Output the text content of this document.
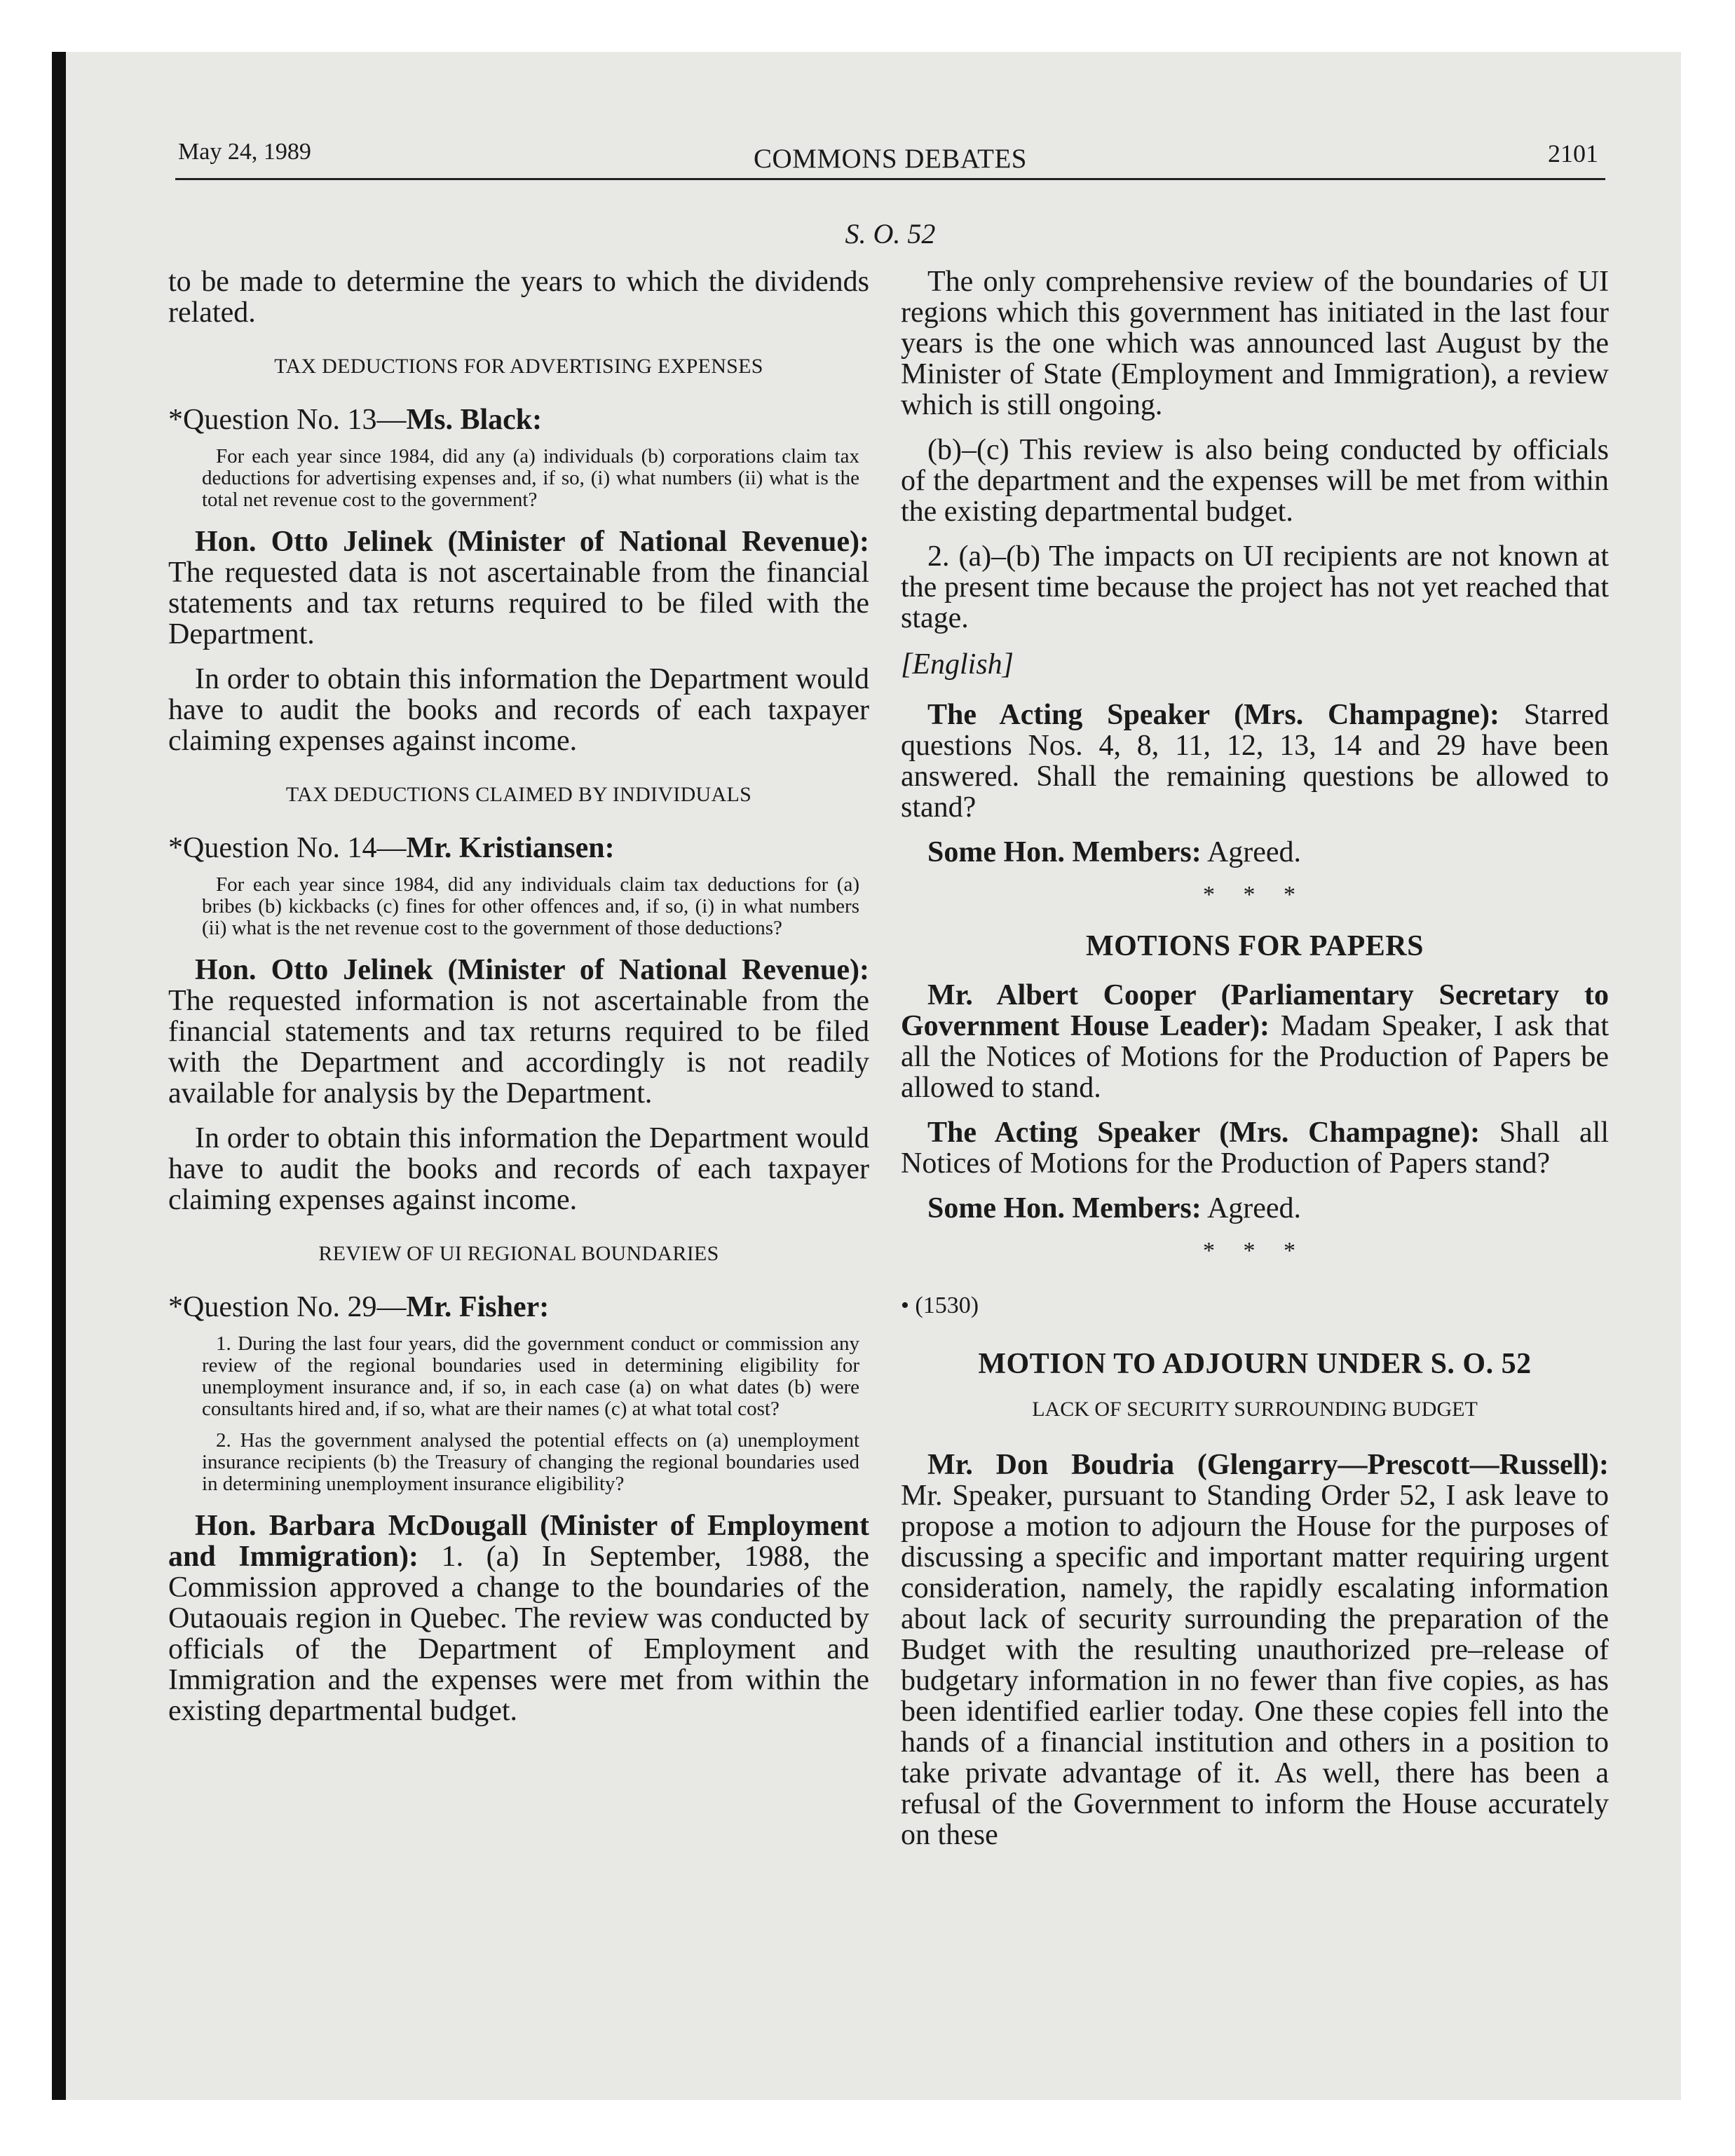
May 24, 1989	COMMONS DEBATES	2101
S. O. 52

to be made to determine the years to which the dividends related.

TAX DEDUCTIONS FOR ADVERTISING EXPENSES

*Question No. 13—Ms. Black:

For each year since 1984, did any (a) individuals (b) corporations claim tax deductions for advertising expenses and, if so, (i) what numbers (ii) what is the total net revenue cost to the government?

Hon. Otto Jelinek (Minister of National Revenue): The requested data is not ascertainable from the financial statements and tax returns required to be filed with the Department.

In order to obtain this information the Department would have to audit the books and records of each taxpayer claiming expenses against income.

TAX DEDUCTIONS CLAIMED BY INDIVIDUALS

*Question No. 14—Mr. Kristiansen:

For each year since 1984, did any individuals claim tax deductions for (a) bribes (b) kickbacks (c) fines for other offences and, if so, (i) in what numbers (ii) what is the net revenue cost to the government of those deductions?

Hon. Otto Jelinek (Minister of National Revenue): The requested information is not ascertainable from the financial statements and tax returns required to be filed with the Department and accordingly is not readily available for analysis by the Department.

In order to obtain this information the Department would have to audit the books and records of each taxpayer claiming expenses against income.

REVIEW OF UI REGIONAL BOUNDARIES

*Question No. 29—Mr. Fisher:

1. During the last four years, did the government conduct or commission any review of the regional boundaries used in determining eligibility for unemployment insurance and, if so, in each case (a) on what dates (b) were consultants hired and, if so, what are their names (c) at what total cost?

2. Has the government analysed the potential effects on (a) unemployment insurance recipients (b) the Treasury of changing the regional boundaries used in determining unemployment insurance eligibility?

Hon. Barbara McDougall (Minister of Employment and Immigration): 1. (a) In September, 1988, the Commission approved a change to the boundaries of the Outaouais region in Quebec. The review was conducted by officials of the Department of Employment and Immigration and the expenses were met from within the existing departmental budget.

The only comprehensive review of the boundaries of UI regions which this government has initiated in the last four years is the one which was announced last August by the Minister of State (Employment and Immigration), a review which is still ongoing.

(b)–(c) This review is also being conducted by officials of the department and the expenses will be met from within the existing departmental budget.

2. (a)–(b) The impacts on UI recipients are not known at the present time because the project has not yet reached that stage.

[English]

The Acting Speaker (Mrs. Champagne): Starred questions Nos. 4, 8, 11, 12, 13, 14 and 29 have been answered. Shall the remaining questions be allowed to stand?

Some Hon. Members: Agreed.

* * *
MOTIONS FOR PAPERS

Mr. Albert Cooper (Parliamentary Secretary to Government House Leader): Madam Speaker, I ask that all the Notices of Motions for the Production of Papers be allowed to stand.

The Acting Speaker (Mrs. Champagne): Shall all Notices of Motions for the Production of Papers stand?

Some Hon. Members: Agreed.

* * *
• (1530)
MOTION TO ADJOURN UNDER S. O. 52
LACK OF SECURITY SURROUNDING BUDGET

Mr. Don Boudria (Glengarry—Prescott—Russell): Mr. Speaker, pursuant to Standing Order 52, I ask leave to propose a motion to adjourn the House for the purposes of discussing a specific and important matter requiring urgent consideration, namely, the rapidly escalating information about lack of security surrounding the preparation of the Budget with the resulting unauthorized pre–release of budgetary information in no fewer than five copies, as has been identified earlier today. One these copies fell into the hands of a financial institution and others in a position to take private advantage of it. As well, there has been a refusal of the Government to inform the House accurately on these
